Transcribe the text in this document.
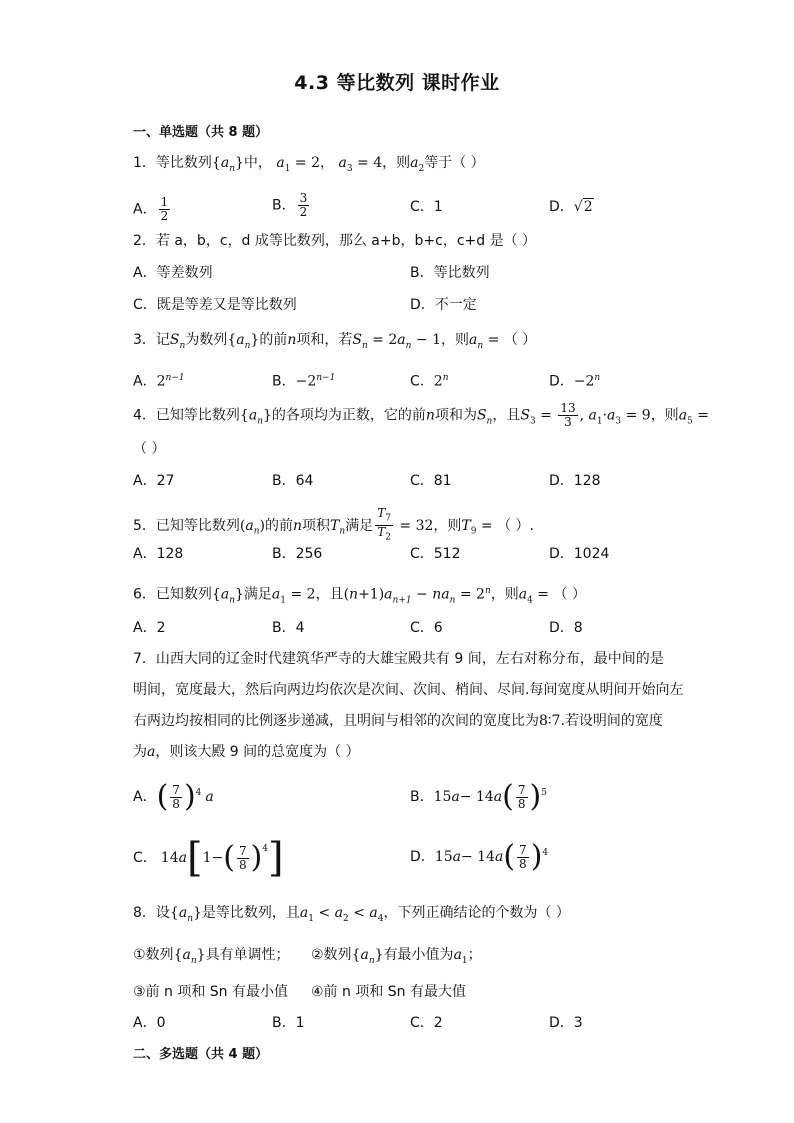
4.3 等比数列 课时作业
一、单选题（共 8 题）
1．等比数列$\{a_n\}$中， $a_1 = 2$， $a_3 = 4$，则$a_2$等于（ ）
A． $\frac{1}{2}$	B． $\frac{3}{2}$	C．1	D．√2
2．若 a，b，c，d 成等比数列，那么 a+b，b+c，c+d 是（ ）
A．等差数列	B．等比数列
C．既是等差又是等比数列	D．不一定
3．记$S_n$为数列$\{a_n\}$的前n项和，若$S_n = 2a_n - 1$，则$a_n$ = （ ）
A．$2^{n-1}$	B．$-2^{n-1}$	C．2$^n$	D．$-2^n$
4．已知等比数列$\{a_n\}$的各项均为正数，它的前n项和为$S_n$，且$S_3 = \frac{13}{3}$ , $a_1\cdot a_3 = 9$，则$a_5$ =
（ ）
A．27	B．64	C．81	D．128
5．已知等比数列$(a_n)$的前n项积$T_n$满足 $\frac{T_7}{T_2} = 32$，则$T_9$ = （ ）.
A．128	B．256	C．512	D．1024
6．已知数列$\{a_n\}$满足$a_1 = 2$，且$(n+1)a_{n+1} - na_n = 2^n$，则$a_4$ = （ ）
A．2	B．4	C．6	D．8
7．山西大同的辽金时代建筑华严寺的大雄宝殿共有 9 间，左右对称分布，最中间的是
明间，宽度最大，然后向两边均依次是次间、次间、梢间、尽间.每间宽度从明间开始向左
右两边均按相同的比例逐步递减，且明间与相邻的次间的宽度比为8∶7.若设明间的宽度
为a，则该大殿 9 间的总宽度为（ ）
A． ( $\frac{7}{8} )^4$ a	B． 15 a − 14 a ( $\frac{7}{8} )^5$
C． 14 a [ 1− ( $\frac{7}{8} )^4$ ]	D． 15 a − 14 a ( $\frac{7}{8} )^4$
8．设$\{a_n\}$是等比数列，且$a_1 < a_2 < a_4$，下列正确结论的个数为（ ）
①数列$\{a_n\}$具有单调性； ②数列$\{a_n\}$有最小值为$a_1$；
③前 n 项和 Sn 有最小值 ④前 n 项和 Sn 有最大值
A．0	B．1	C．2	D．3
二、多选题（共 4 题）
